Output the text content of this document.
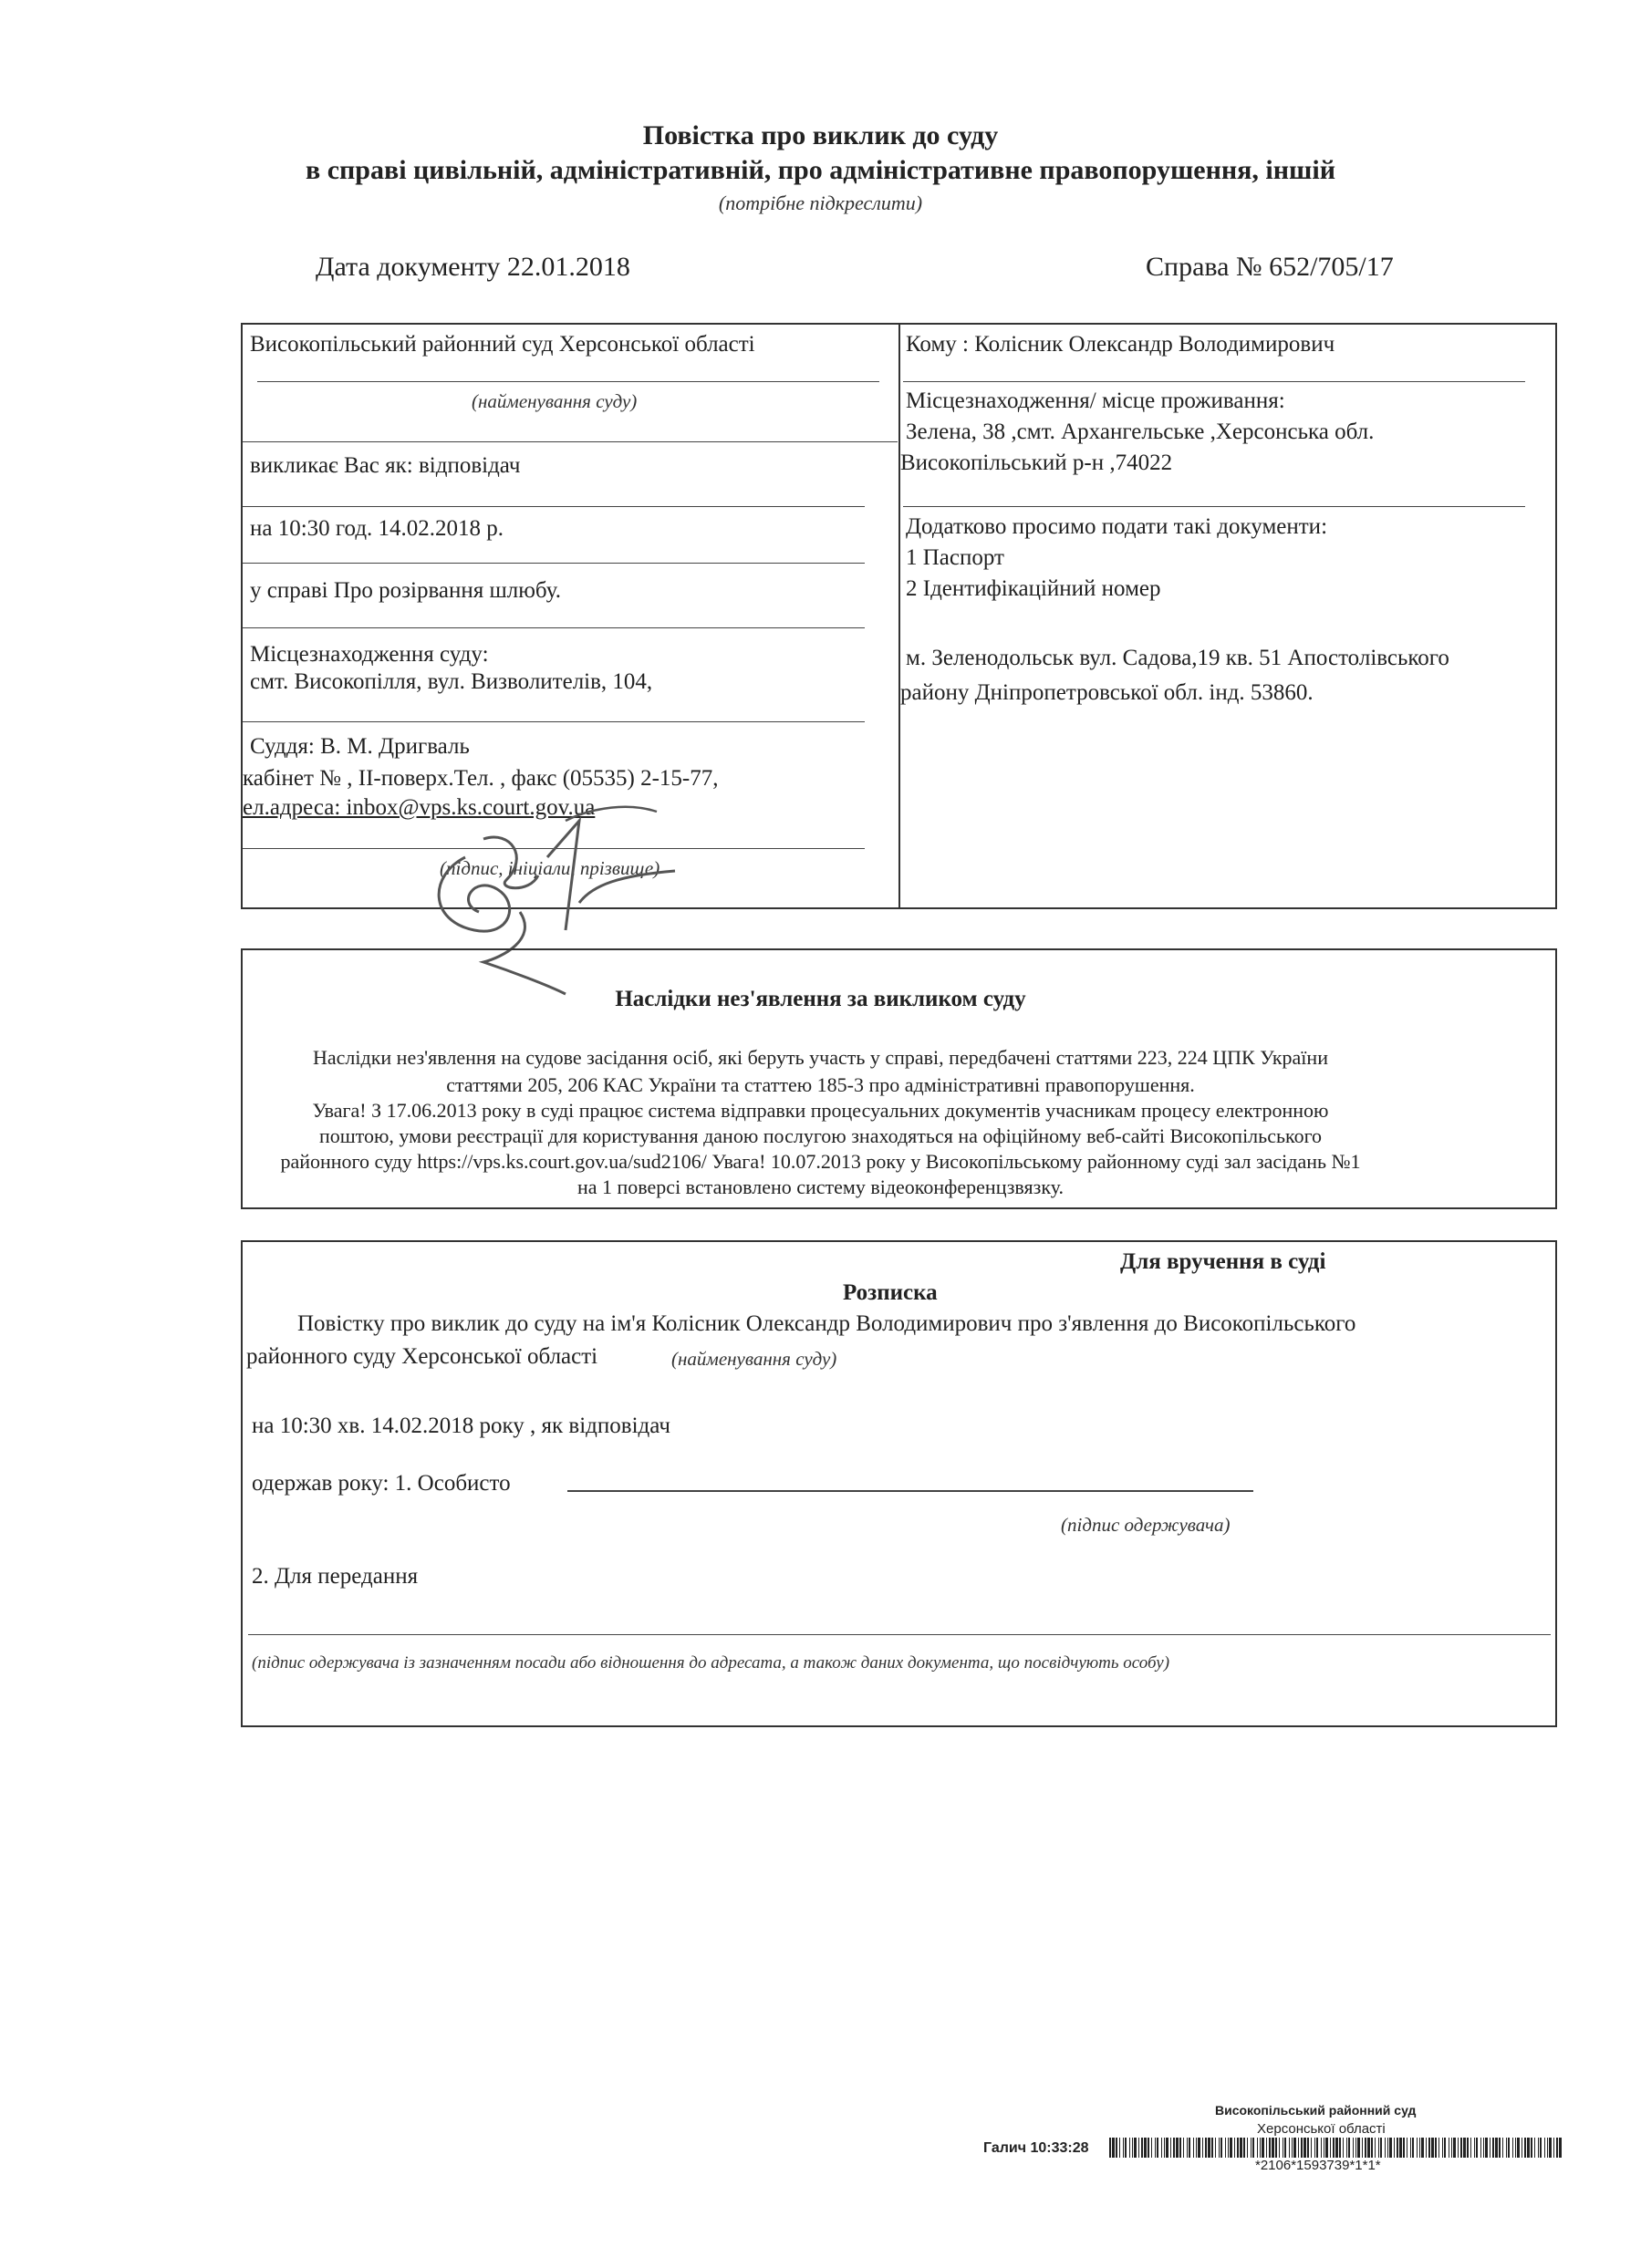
Повістка про виклик до суду
в справі цивільній, адміністративній, про адміністративне правопорушення, іншій
(потрібне підкреслити)
Дата документу 22.01.2018	Справа № 652/705/17
Високопільський районний суд Херсонської області
(найменування суду)
викликає Вас як: відповідач
на 10:30 год. 14.02.2018 р.
у справі Про розірвання шлюбу.
Місцезнаходження суду:
смт. Високопілля, вул. Визволителів, 104,
Суддя: В. М. Дригваль
кабінет № , ІІ-поверх.Тел. , факс (05535) 2-15-77,
ел.адреса: inbox@vps.ks.court.gov.ua
(підпис, ініціали, прізвище)
Кому : Колісник Олександр Володимирович
Місцезнаходження/ місце проживання:
Зелена, 38 ,смт. Архангельське ,Херсонська обл.
Високопільський р-н ,74022
Додатково просимо подати такі документи:
1 Паспорт
2 Ідентифікаційний номер
м. Зеленодольськ вул. Садова,19 кв. 51 Апостолівського
району Дніпропетровської обл. інд. 53860.
Наслідки нез'явлення за викликом суду
Наслідки нез'явлення на судове засідання осіб, які беруть участь у справі, передбачені статтями 223, 224 ЦПК України
статтями 205, 206 КАС України та статтею 185-3 про адміністративні правопорушення.
Увага! З 17.06.2013 року в суді працює система відправки процесуальних документів учасникам процесу електронною
поштою, умови реєстрації для користування даною послугою знаходяться на офіційному веб-сайті Високопільського
районного суду https://vps.ks.court.gov.ua/sud2106/ Увага! 10.07.2013 року у Високопільському районному суді зал засідань №1
на 1 поверсі встановлено систему відеоконференцзвязку.
Для вручення в суді
Розписка
Повістку про виклик до суду на ім'я Колісник Олександр Володимирович про з'явлення до Високопільського
районного суду Херсонської області	(найменування суду)
на 10:30 хв. 14.02.2018 року , як відповідач
одержав року: 1. Особисто
(підпис одержувача)
2. Для передання
(підпис одержувача із зазначенням посади або відношення до адресата, а також даних документа, що посвідчують особу)
Високопільський районний суд
Херсонської області
Галич 10:33:28
*2106*1593739*1*1*
